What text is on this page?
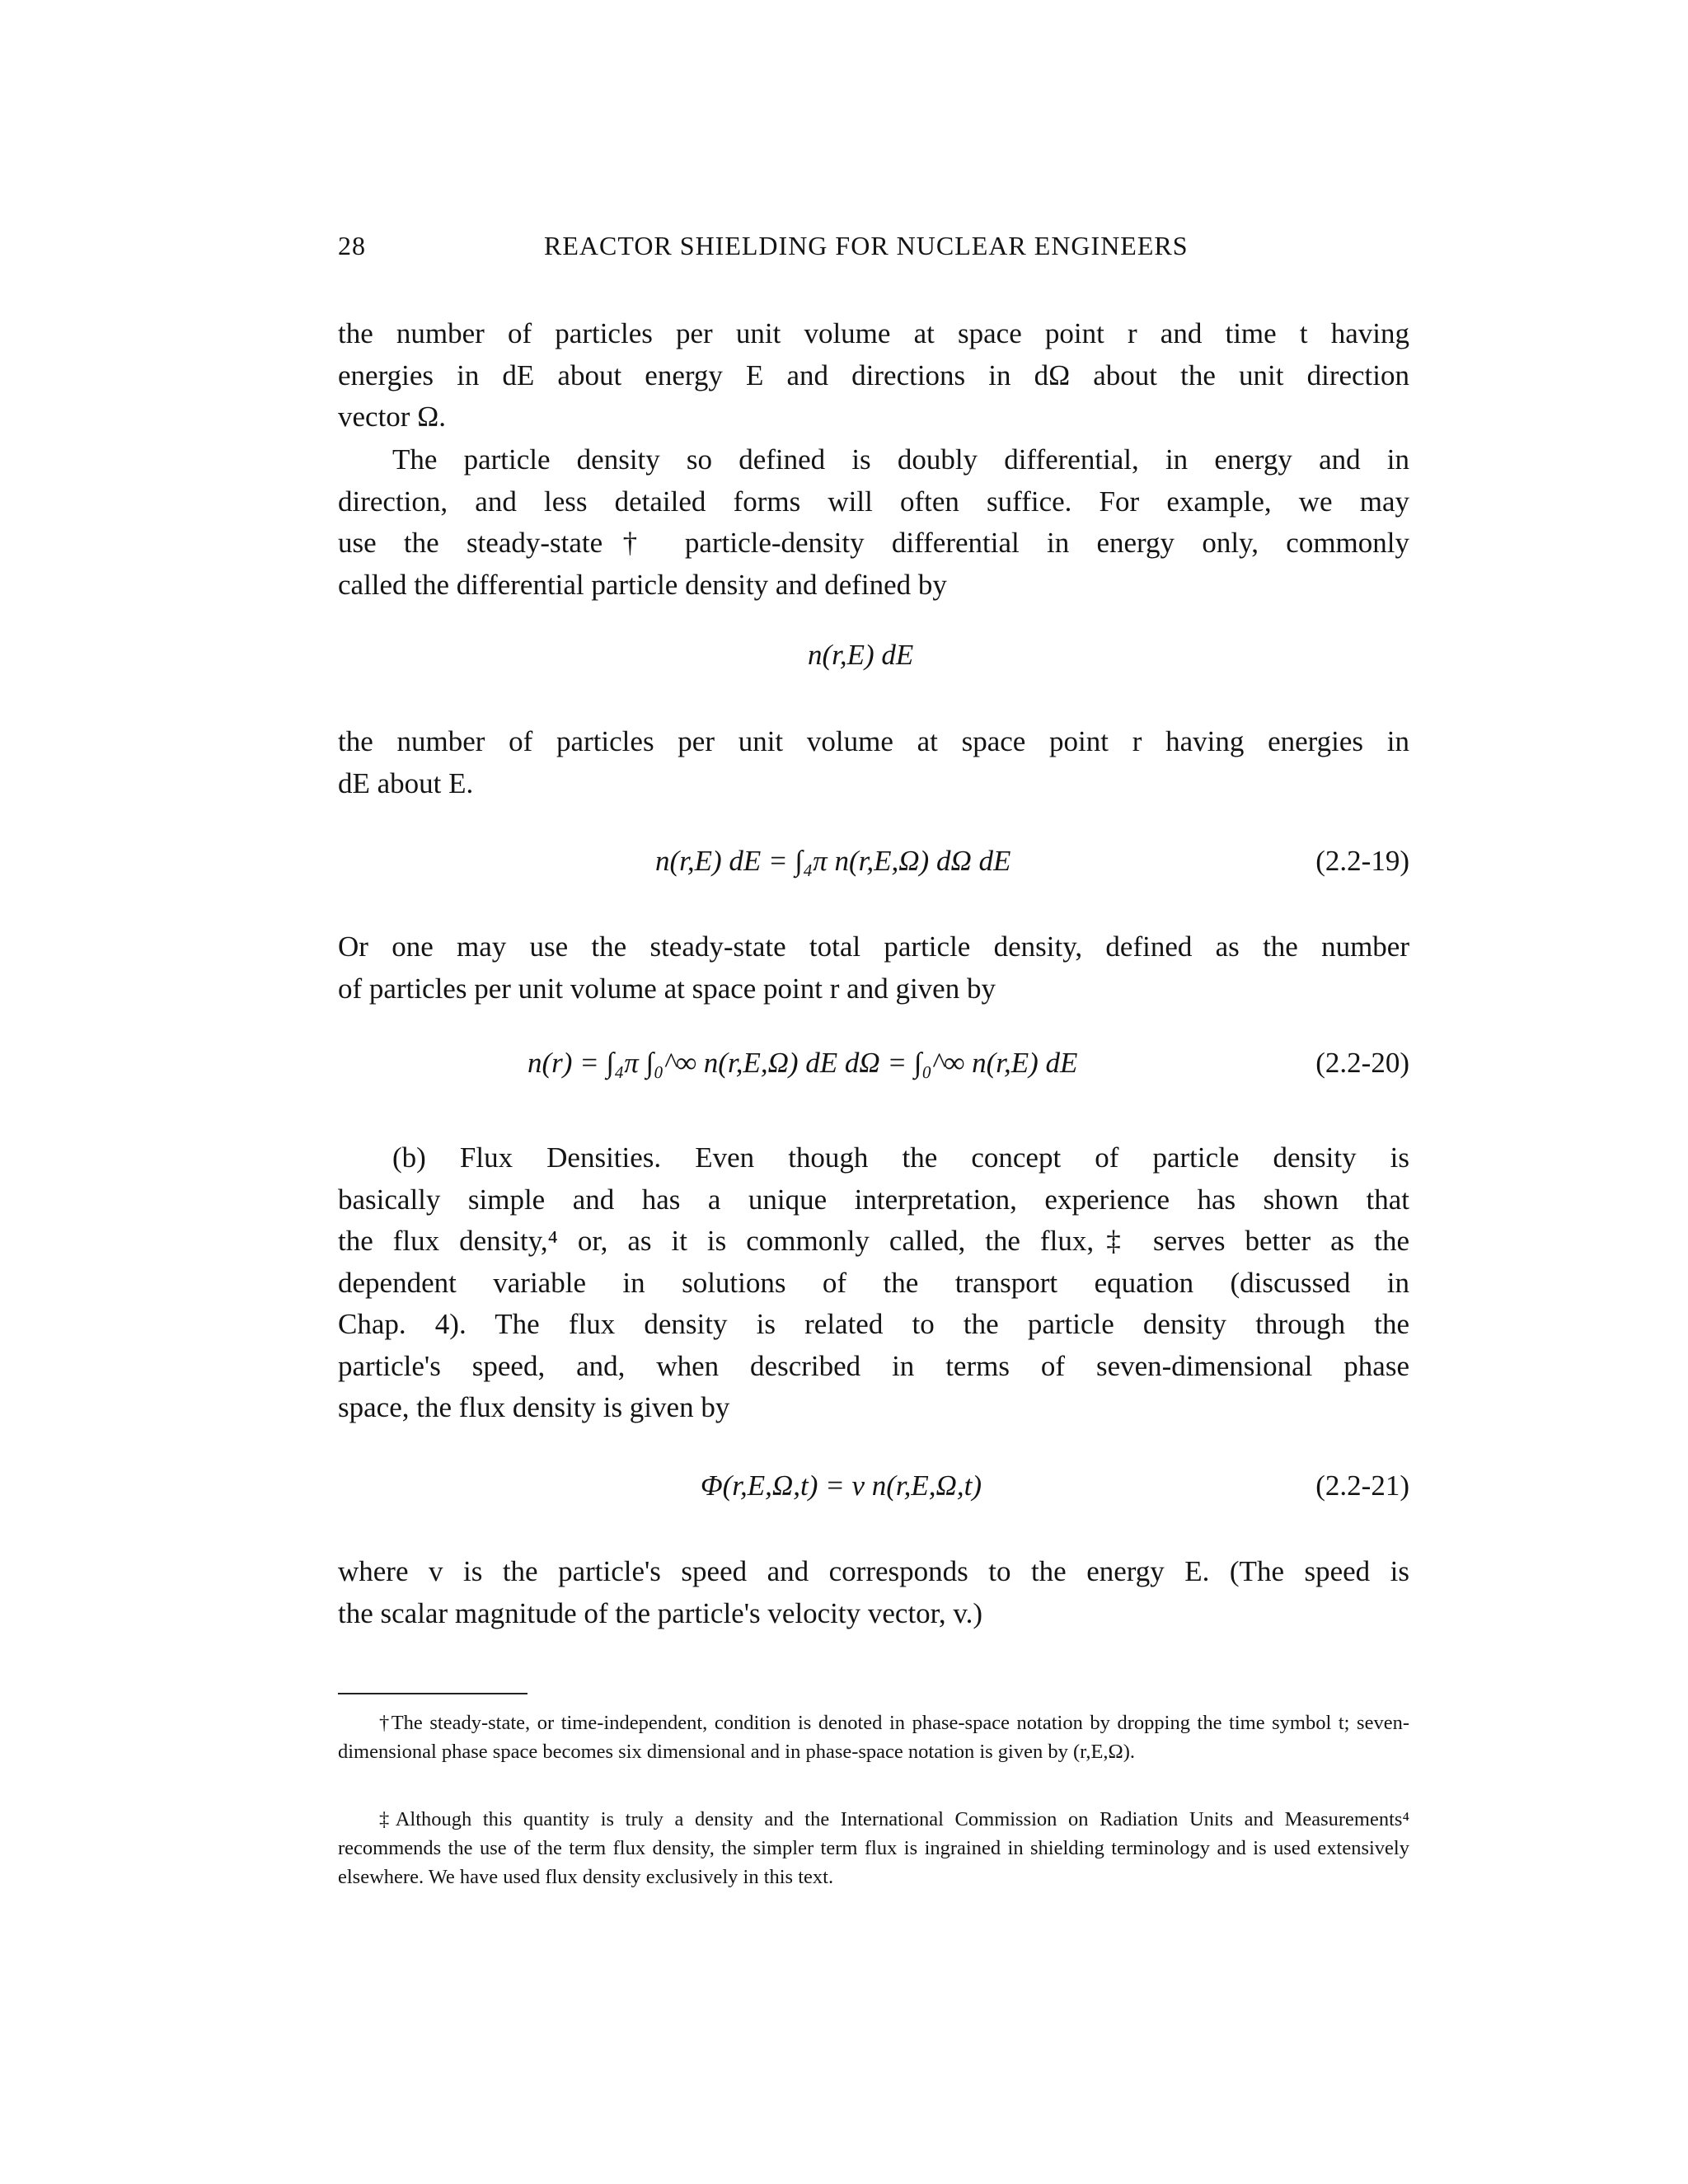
28	REACTOR SHIELDING FOR NUCLEAR ENGINEERS

the number of particles per unit volume at space point r and time t having
energies in dE about energy E and directions in dΩ about the unit direction
vector Ω.

The particle density so defined is doubly differential, in energy and in
direction, and less detailed forms will often suffice. For example, we may
use the steady-state† particle-density differential in energy only, commonly
called the differential particle density and defined by

n(r,E) dE

the number of particles per unit volume at space point r having energies in
dE about E.

n(r,E) dE = ∫₄π n(r,E,Ω) dΩ dE	(2.2-19)

Or one may use the steady-state total particle density, defined as the number
of particles per unit volume at space point r and given by

n(r) = ∫₄π ∫₀^∞ n(r,E,Ω) dE dΩ = ∫₀^∞ n(r,E) dE	(2.2-20)

(b) Flux Densities. Even though the concept of particle density is
basically simple and has a unique interpretation, experience has shown that
the flux density,⁴ or, as it is commonly called, the flux,‡ serves better as the
dependent variable in solutions of the transport equation (discussed in
Chap. 4). The flux density is related to the particle density through the
particle's speed, and, when described in terms of seven-dimensional phase
space, the flux density is given by

Φ(r,E,Ω,t) = v n(r,E,Ω,t)	(2.2-21)

where v is the particle's speed and corresponds to the energy E. (The speed is
the scalar magnitude of the particle's velocity vector, v.)

†The steady-state, or time-independent, condition is denoted in phase-space notation by dropping the time symbol t; seven-dimensional phase space becomes six dimensional and in phase-space notation is given by (r,E,Ω).

‡Although this quantity is truly a density and the International Commission on Radiation Units and Measurements⁴ recommends the use of the term flux density, the simpler term flux is ingrained in shielding terminology and is used extensively elsewhere. We have used flux density exclusively in this text.
